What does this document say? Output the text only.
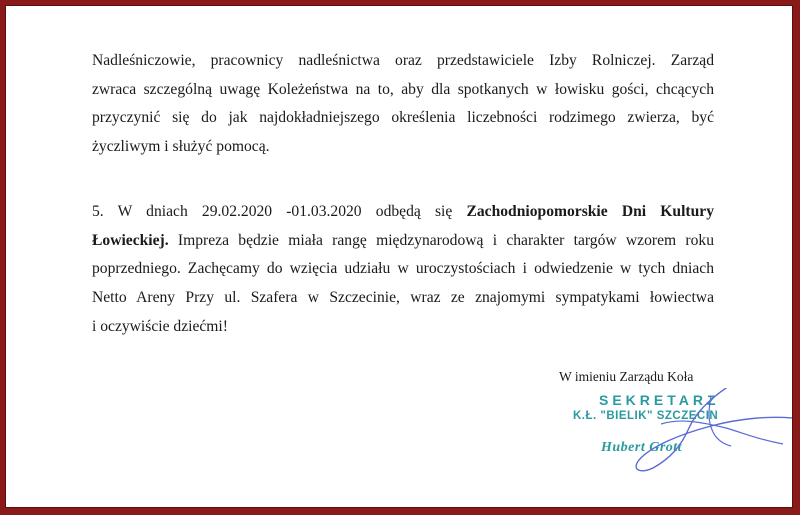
Nadleśniczowie, pracownicy nadleśnictwa oraz przedstawiciele Izby Rolniczej. Zarząd
zwraca szczególną uwagę Koleżeństwa na to, aby dla spotkanych w łowisku gości, chcących
przyczynić się do jak najdokładniejszego określenia liczebności rodzimego zwierza, być
życzliwym i służyć pomocą.

5. W dniach 29.02.2020 -01.03.2020 odbędą się Zachodniopomorskie Dni Kultury
Łowieckiej. Impreza będzie miała rangę międzynarodową i charakter targów wzorem roku
poprzedniego. Zachęcamy do wzięcia udziału w uroczystościach i odwiedzenie w tych dniach
Netto Areny Przy ul. Szafera w Szczecinie, wraz ze znajomymi sympatykami łowiectwa
i oczywiście dziećmi!

W imieniu Zarządu Koła
SEKRETARZ
K.Ł. "BIELIK" SZCZECIN
Hubert Grott
